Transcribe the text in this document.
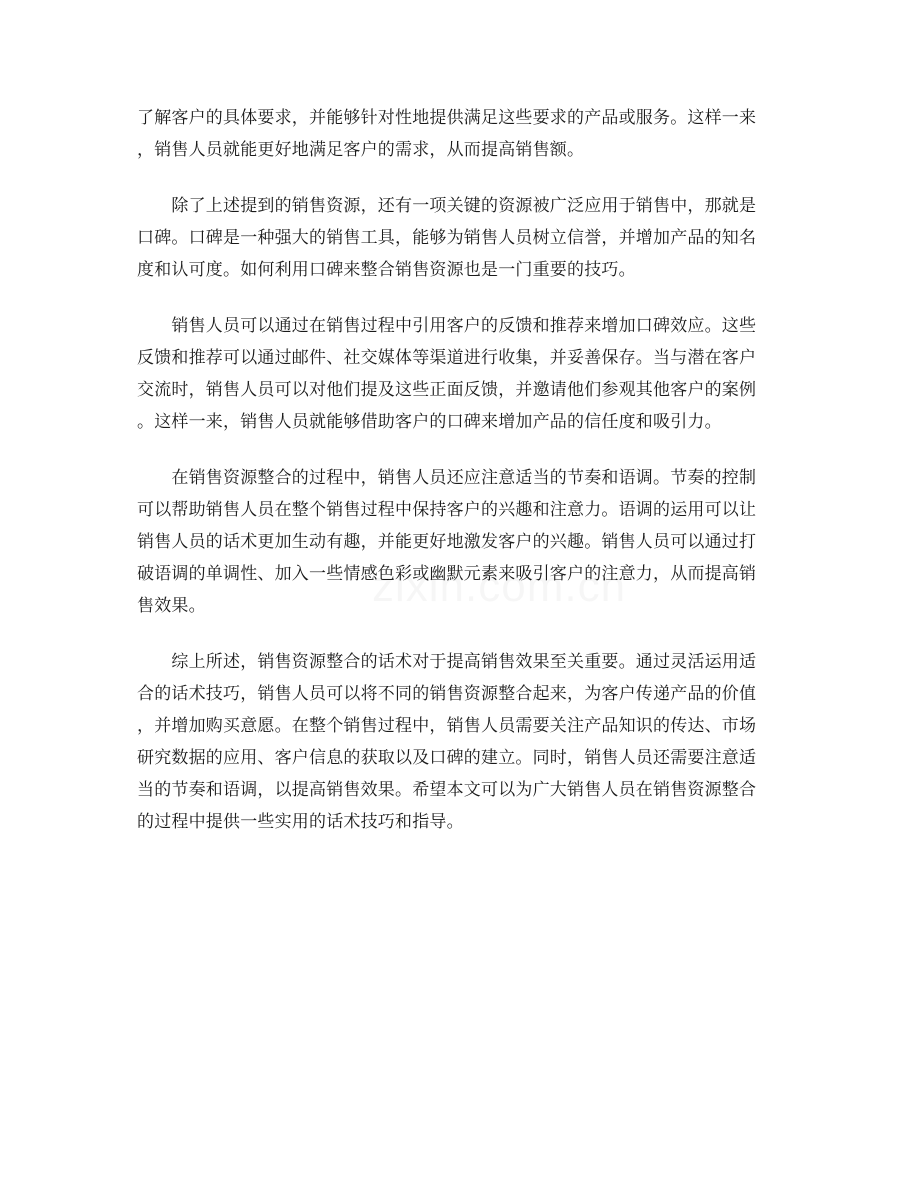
了解客户的具体要求，并能够针对性地提供满足这些要求的产品或服务。这样一来
，销售人员就能更好地满足客户的需求，从而提高销售额。

　　除了上述提到的销售资源，还有一项关键的资源被广泛应用于销售中，那就是
口碑。口碑是一种强大的销售工具，能够为销售人员树立信誉，并增加产品的知名
度和认可度。如何利用口碑来整合销售资源也是一门重要的技巧。

　　销售人员可以通过在销售过程中引用客户的反馈和推荐来增加口碑效应。这些
反馈和推荐可以通过邮件、社交媒体等渠道进行收集，并妥善保存。当与潜在客户
交流时，销售人员可以对他们提及这些正面反馈，并邀请他们参观其他客户的案例
。这样一来，销售人员就能够借助客户的口碑来增加产品的信任度和吸引力。

　　在销售资源整合的过程中，销售人员还应注意适当的节奏和语调。节奏的控制
可以帮助销售人员在整个销售过程中保持客户的兴趣和注意力。语调的运用可以让
销售人员的话术更加生动有趣，并能更好地激发客户的兴趣。销售人员可以通过打
破语调的单调性、加入一些情感色彩或幽默元素来吸引客户的注意力，从而提高销
售效果。

　　综上所述，销售资源整合的话术对于提高销售效果至关重要。通过灵活运用适
合的话术技巧，销售人员可以将不同的销售资源整合起来，为客户传递产品的价值
，并增加购买意愿。在整个销售过程中，销售人员需要关注产品知识的传达、市场
研究数据的应用、客户信息的获取以及口碑的建立。同时，销售人员还需要注意适
当的节奏和语调，以提高销售效果。希望本文可以为广大销售人员在销售资源整合
的过程中提供一些实用的话术技巧和指导。
